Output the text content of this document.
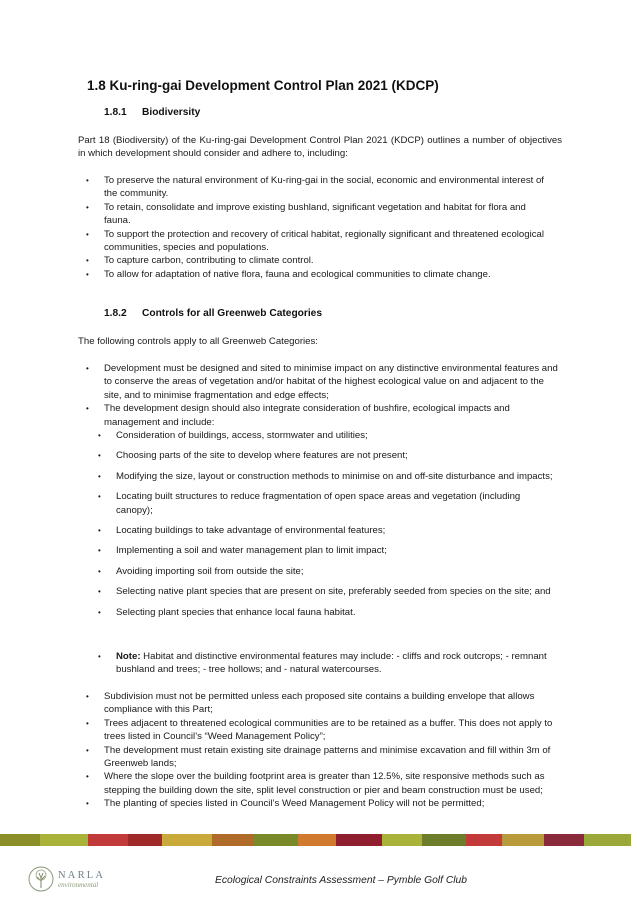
1.8 Ku-ring-gai Development Control Plan 2021 (KDCP)
1.8.1 Biodiversity
Part 18 (Biodiversity) of the Ku-ring-gai Development Control Plan 2021 (KDCP) outlines a number of objectives in which development should consider and adhere to, including:
• To preserve the natural environment of Ku-ring-gai in the social, economic and environmental interest of the community.
• To retain, consolidate and improve existing bushland, significant vegetation and habitat for flora and fauna.
• To support the protection and recovery of critical habitat, regionally significant and threatened ecological communities, species and populations.
• To capture carbon, contributing to climate control.
• To allow for adaptation of native flora, fauna and ecological communities to climate change.
1.8.2 Controls for all Greenweb Categories
The following controls apply to all Greenweb Categories:
• Development must be designed and sited to minimise impact on any distinctive environmental features and to conserve the areas of vegetation and/or habitat of the highest ecological value on and adjacent to the site, and to minimise fragmentation and edge effects;
• The development design should also integrate consideration of bushfire, ecological impacts and management and include:
• Consideration of buildings, access, stormwater and utilities;
• Choosing parts of the site to develop where features are not present;
• Modifying the size, layout or construction methods to minimise on and off-site disturbance and impacts;
• Locating built structures to reduce fragmentation of open space areas and vegetation (including canopy);
• Locating buildings to take advantage of environmental features;
• Implementing a soil and water management plan to limit impact;
• Avoiding importing soil from outside the site;
• Selecting native plant species that are present on site, preferably seeded from species on the site; and
• Selecting plant species that enhance local fauna habitat.
• Note: Habitat and distinctive environmental features may include: - cliffs and rock outcrops; - remnant bushland and trees; - tree hollows; and - natural watercourses.
• Subdivision must not be permitted unless each proposed site contains a building envelope that allows compliance with this Part;
• Trees adjacent to threatened ecological communities are to be retained as a buffer. This does not apply to trees listed in Council’s “Weed Management Policy”;
• The development must retain existing site drainage patterns and minimise excavation and fill within 3m of Greenweb lands;
• Where the slope over the building footprint area is greater than 12.5%, site responsive methods such as stepping the building down the site, split level construction or pier and beam construction must be used;
• The planting of species listed in Council’s Weed Management Policy will not be permitted;
NARLA
environmental	Ecological Constraints Assessment – Pymble Golf Club
